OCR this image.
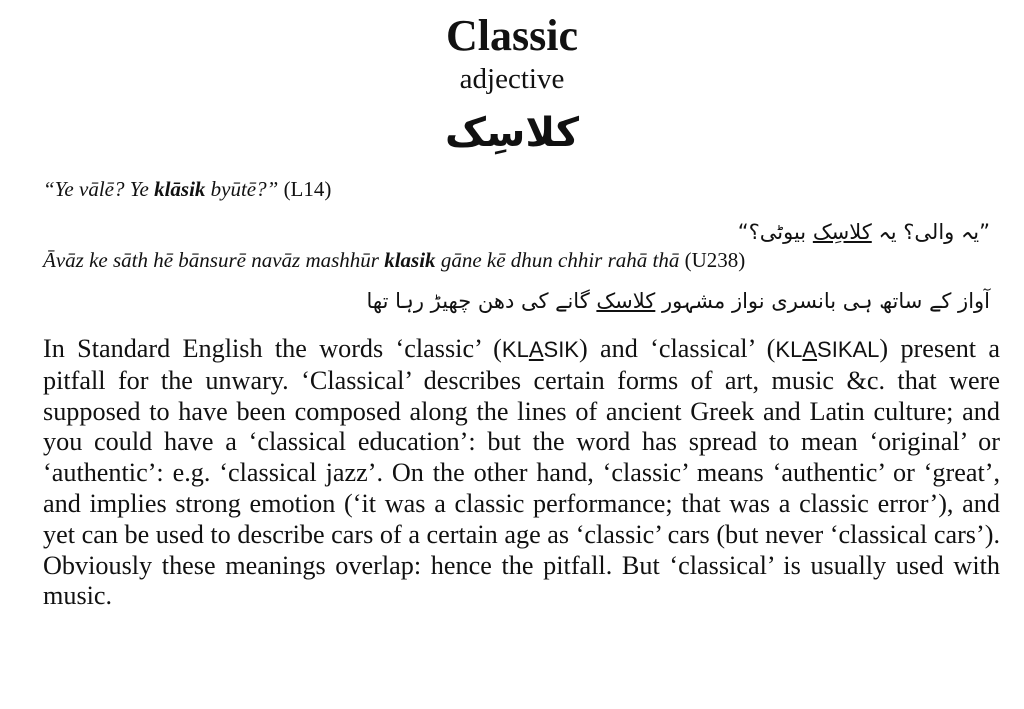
Classic
adjective
کلاسِک
“Ye vālē? Ye klāsik byūtē?” (L14)
”یہ والی؟ یہ کلاسِک بیوٹی؟“
Āvāz ke sāth hē bānsurē navāz mashhūr klasik gāne kē dhun chhir rahā thā (U238)
آواز کے ساتھ ہی بانسری نواز مشہور کلاسک گانے کی دھن چھیڑ رہا تھا

In Standard English the words ‘classic’ (KLASIK) and ‘classical’ (KLASIKAL) present a pitfall for the unwary. ‘Classical’ describes certain forms of art, music &c. that were supposed to have been composed along the lines of ancient Greek and Latin culture; and you could have a ‘classical education’: but the word has spread to mean ‘original’ or ‘authentic’: e.g. ‘classical jazz’. On the other hand, ‘classic’ means ‘authentic’ or ‘great’, and implies strong emotion (‘it was a classic performance; that was a classic error’), and yet can be used to describe cars of a certain age as ‘classic’ cars (but never ‘classical cars’). Obviously these meanings overlap: hence the pitfall. But ‘classical’ is usually used with music.
